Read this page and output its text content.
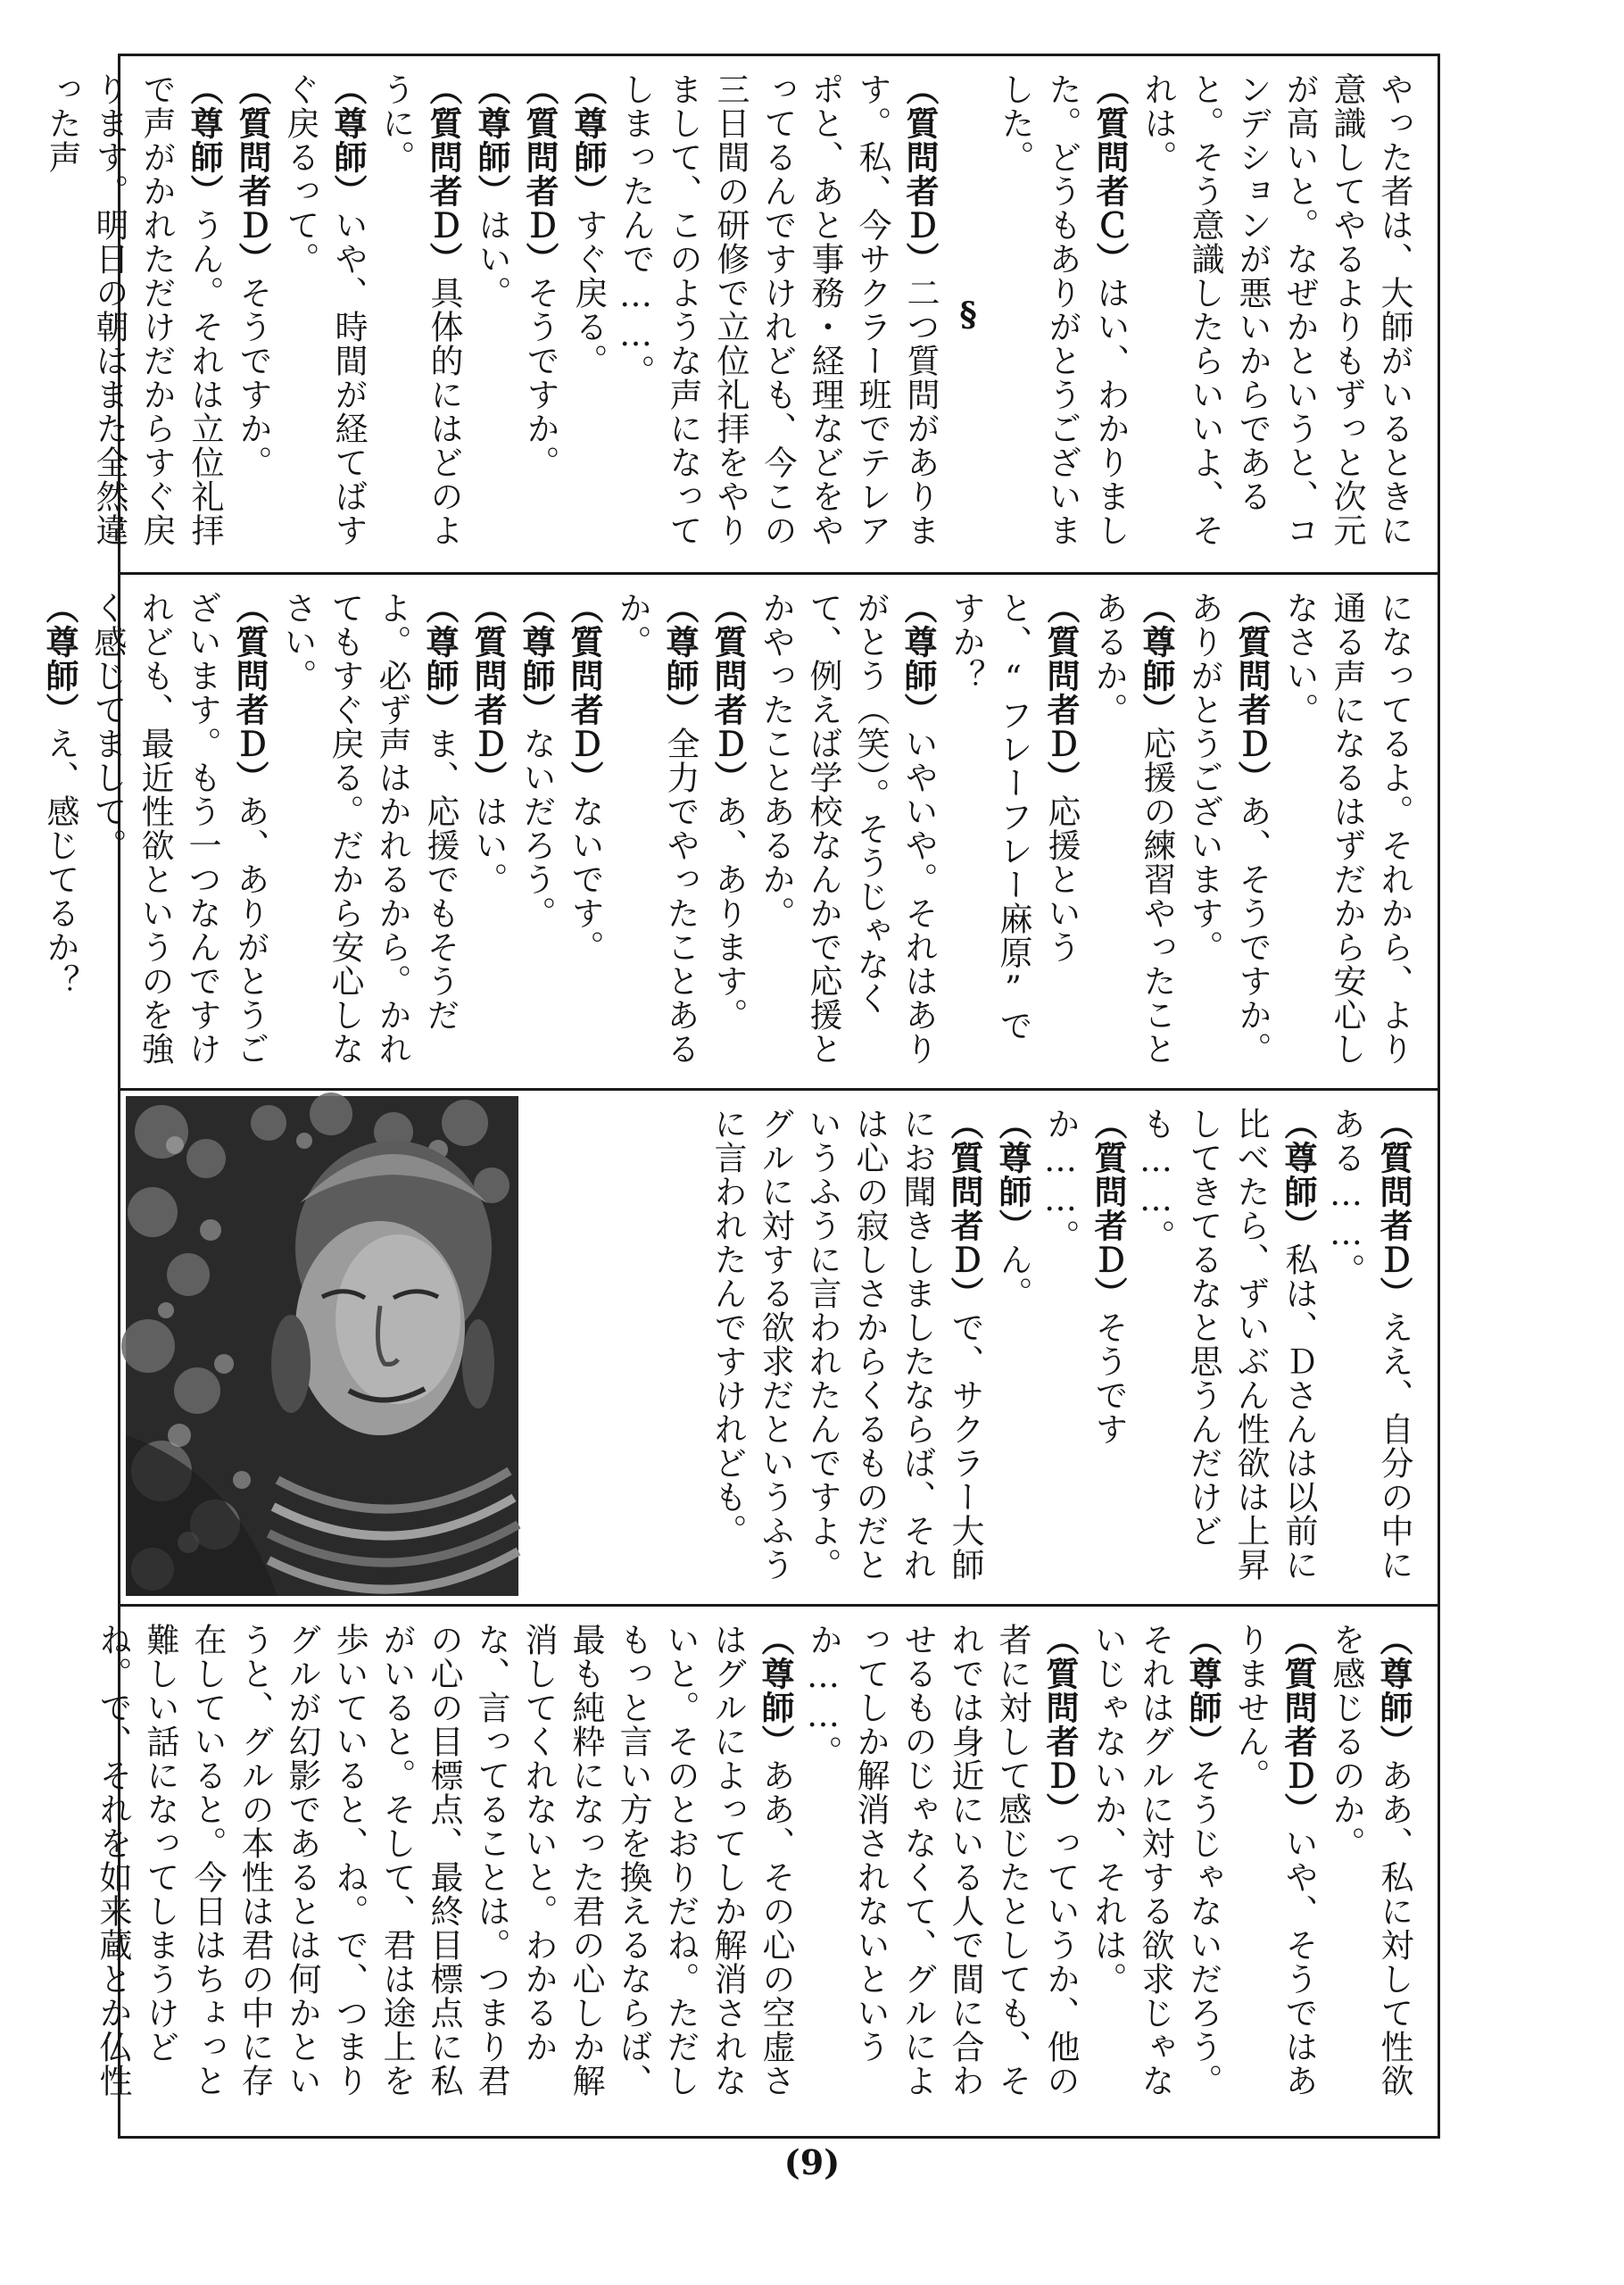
やった者は、大師がいるときに意識してやるよりもずっと次元が高いと。なぜかというと、コンデションが悪いからであると。そう意識したらいいよ、それは。
（質問者Ｃ）はい、わかりました。どうもありがとうございました。
§
（質問者Ｄ）二つ質問があります。私、今サクラー班でテレアポと、あと事務・経理などをやってるんですけれども、今この三日間の研修で立位礼拝をやりまして、このような声になってしまったんで……。
（尊師）すぐ戻る。
（質問者Ｄ）そうですか。
（尊師）はい。
（質問者Ｄ）具体的にはどのように。
（尊師）いや、時間が経てばすぐ戻るって。
（質問者Ｄ）そうですか。
（尊師）うん。それは立位礼拝で声がかれただけだからすぐ戻ります。明日の朝はまた全然違った声
になってるよ。それから、より通る声になるはずだから安心しなさい。
（質問者Ｄ）あ、そうですか。ありがとうございます。
（尊師）応援の練習やったことあるか。
（質問者Ｄ）応援というと、“フレーフレー麻原”ですか？
（尊師）いやいや。それはありがとう（笑）。そうじゃなくて、例えば学校なんかで応援とかやったことあるか。
（質問者Ｄ）あ、あります。
（尊師）全力でやったことあるか。
（質問者Ｄ）ないです。
（尊師）ないだろう。
（質問者Ｄ）はい。
（尊師）ま、応援でもそうだよ。必ず声はかれるから。かれてもすぐ戻る。だから安心しなさい。
（質問者Ｄ）あ、ありがとうございます。もう一つなんですけれども、最近性欲というのを強く感じてまして。
（尊師）え、感じてるか？
（質問者Ｄ）ええ、自分の中にある……。
（尊師）私は、Ｄさんは以前に比べたら、ずいぶん性欲は上昇してきてるなと思うんだけども……。
（質問者Ｄ）そうですか……。
（尊師）ん。
（質問者Ｄ）で、サクラー大師にお聞きしましたならば、それは心の寂しさからくるものだというふうに言われたんですよ。グルに対する欲求だというふうに言われたんですけれども。
（尊師）ああ、私に対して性欲を感じるのか。
（質問者Ｄ）いや、そうではありません。
（尊師）そうじゃないだろう。それはグルに対する欲求じゃないじゃないか、それは。
（質問者Ｄ）っていうか、他の者に対して感じたとしても、それでは身近にいる人で間に合わせるものじゃなくて、グルによってしか解消されないというか……。
（尊師）ああ、その心の空虚さはグルによってしか解消されないと。そのとおりだね。ただしもっと言い方を換えるならば、最も純粋になった君の心しか解消してくれないと。わかるかな、言ってることは。つまり君の心の目標点、最終目標点に私がいると。そして、君は途上を歩いていると、ね。で、つまりグルが幻影であるとは何かというと、グルの本性は君の中に存在していると。今日はちょっと難しい話になってしまうけどね。で、それを如来蔵とか仏性
(9)
